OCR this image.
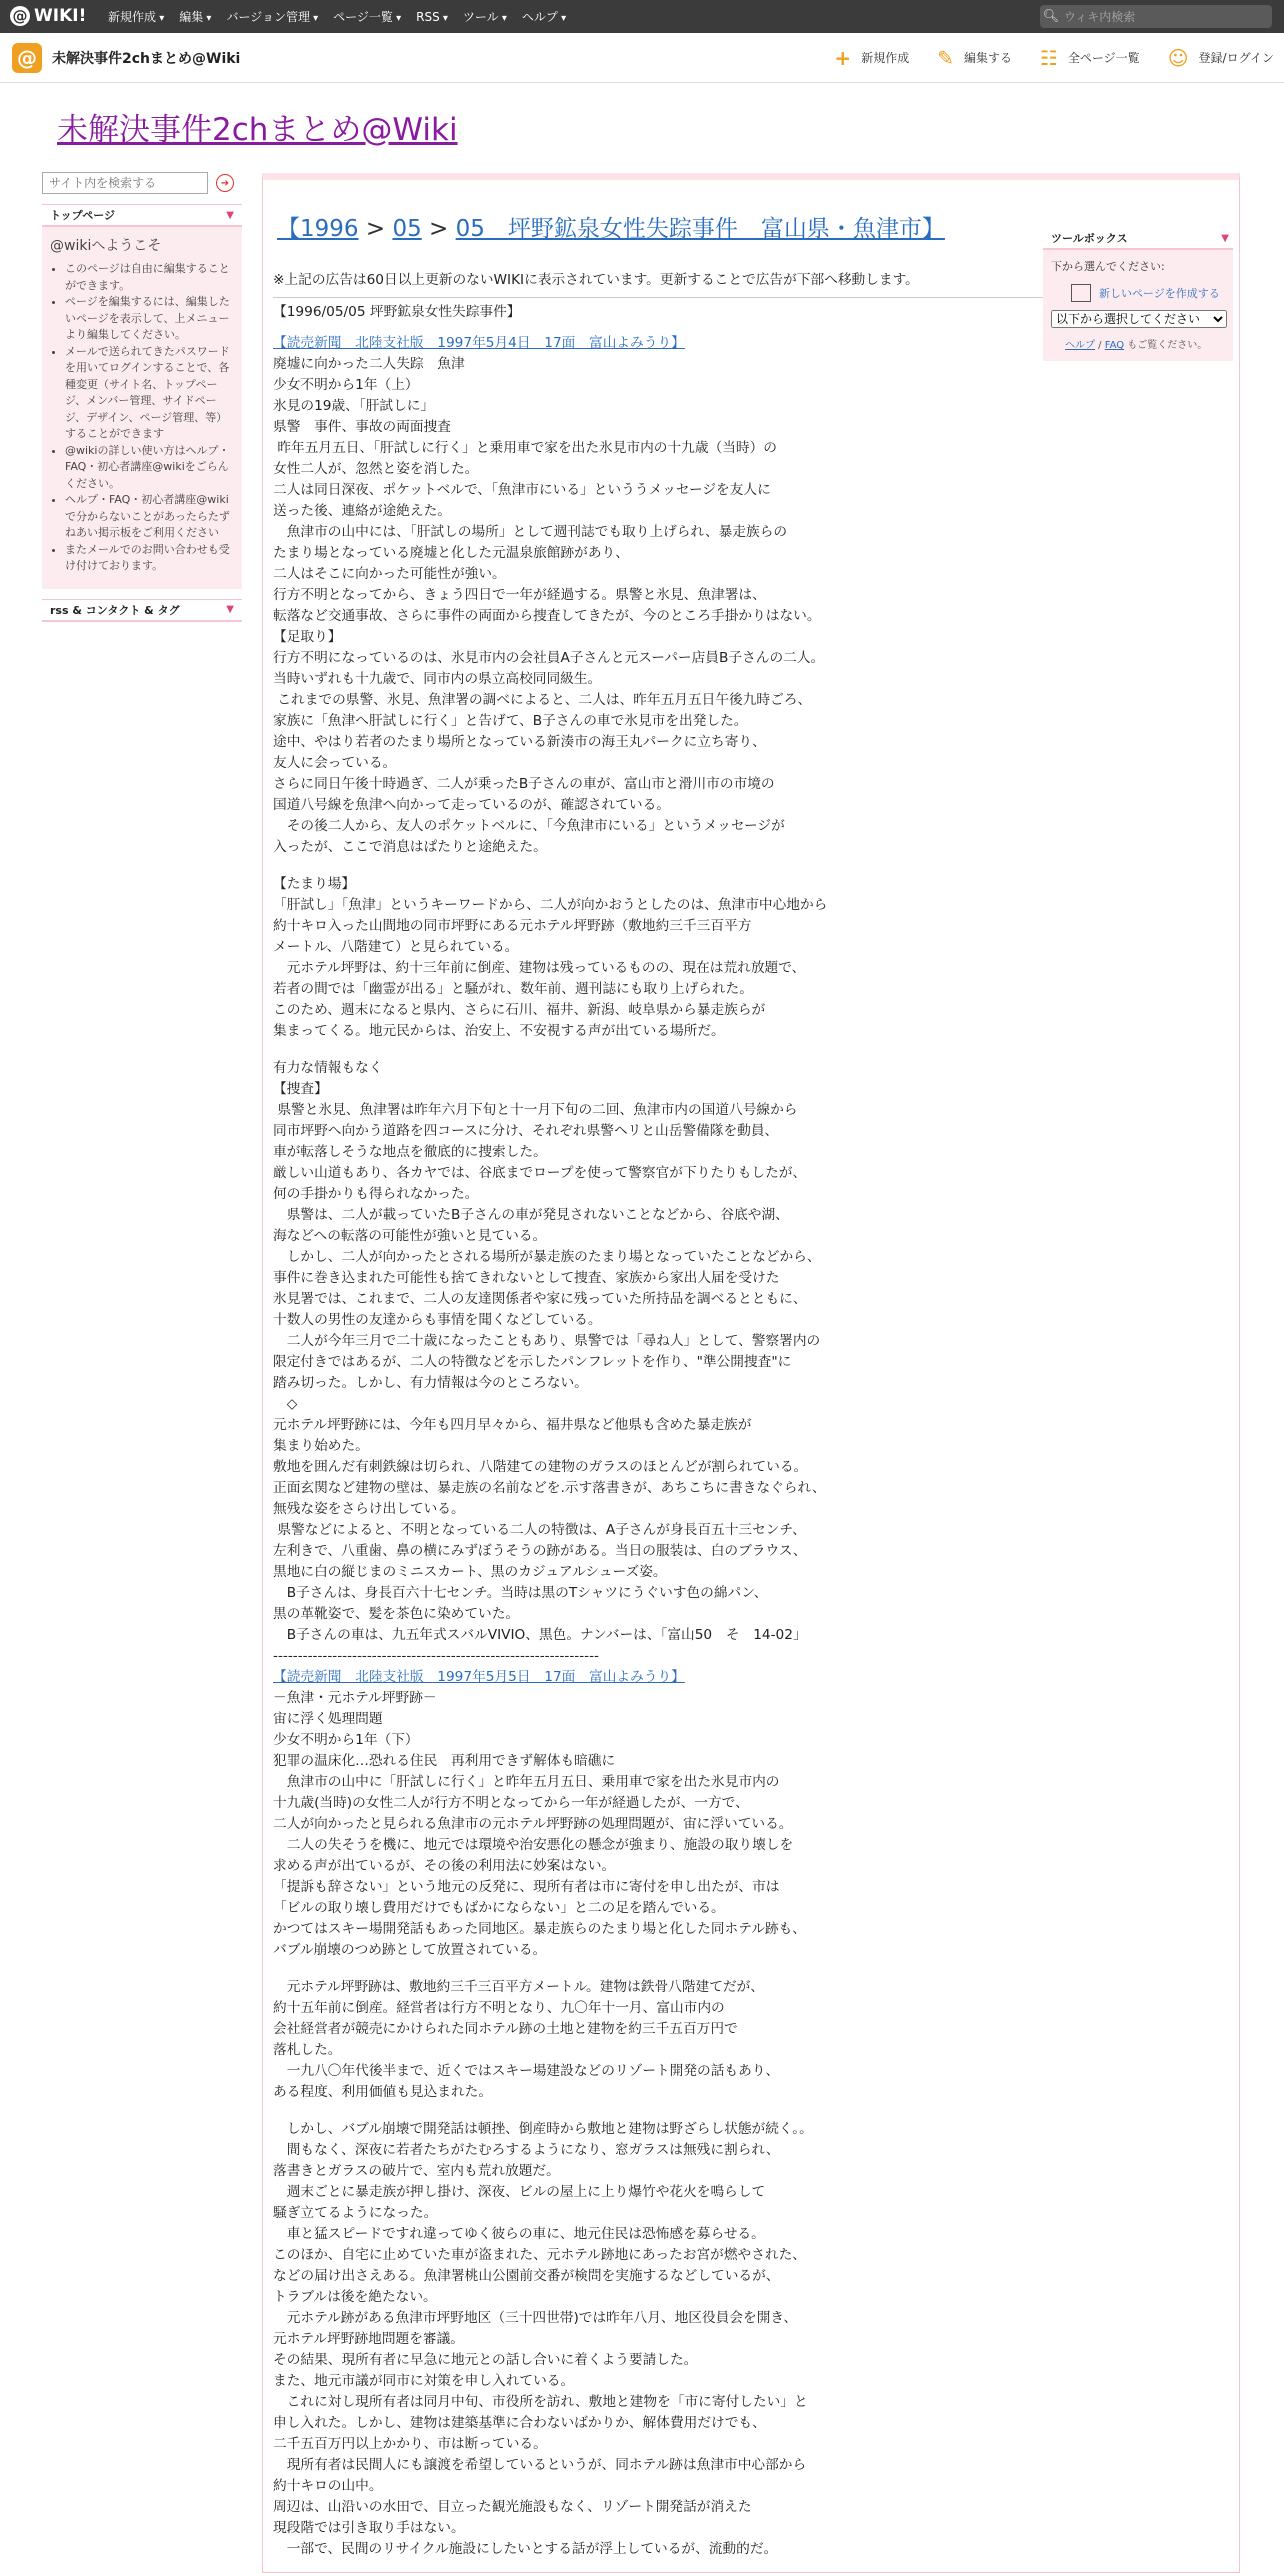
@ WIKI! 新規作成 ▾	編集 ▾	バージョン管理 ▾	ページ一覧 ▾	RSS ▾	ツール ▾	ヘルプ ▾	🔍︎
ウィキ内検索
@	未解決事件2chまとめ@Wiki	+ 新規作成 ✎ 編集する ☷ 全ページ一覧 ☺ 登録/ログイン
未解決事件2chまとめ@Wiki
サイト内を検索する
➔
トップページ	▼
@wikiへようこそ
• このページは自由に編集することができます。
• ページを編集するには、編集したいページを表示して、上メニューより編集してください。
• メールで送られてきたパスワードを用いてログインすることで、各種変更（サイト名、トップページ、メンバー管理、サイドページ、デザイン、ページ管理、等）することができます
• @wikiの詳しい使い方はヘルプ・FAQ・初心者講座@wikiをごらんください。
• ヘルプ・FAQ・初心者講座@wiki で分からないことがあったらたずねあい掲示板をご利用ください
• またメールでのお問い合わせも受け付けております。
rss & コンタクト & タグ	▼
【1996 > 05 > 05　坪野鉱泉女性失踪事件　富山県・魚津市】
※上記の広告は60日以上更新のないWIKIに表示されています。更新することで広告が下部へ移動します。
【1996/05/05 坪野鉱泉女性失踪事件】
【読売新聞　北陸支社版　1997年5月4日　17面　富山よみうり】
廃墟に向かった二人失踪　魚津
少女不明から1年（上）
氷見の19歳、「肝試しに」
県警　事件、事故の両面捜査
昨年五月五日、「肝試しに行く」と乗用車で家を出た氷見市内の十九歳（当時）の
女性二人が、忽然と姿を消した。
二人は同日深夜、ポケットベルで、「魚津市にいる」といううメッセージを友人に
送った後、連絡が途絶えた。
　魚津市の山中には、「肝試しの場所」として週刊誌でも取り上げられ、暴走族らの
たまり場となっている廃墟と化した元温泉旅館跡があり、
二人はそこに向かった可能性が強い。
行方不明となってから、きょう四日で一年が経過する。県警と氷見、魚津署は、
転落など交通事故、さらに事件の両面から捜査してきたが、今のところ手掛かりはない。
【足取り】
行方不明になっているのは、氷見市内の会社員A子さんと元スーパー店員B子さんの二人。
当時いずれも十九歳で、同市内の県立高校同同級生。
これまでの県警、氷見、魚津署の調べによると、二人は、昨年五月五日午後九時ごろ、
家族に「魚津へ肝試しに行く」と告げて、B子さんの車で氷見市を出発した。
途中、やはり若者のたまり場所となっている新湊市の海王丸パークに立ち寄り、
友人に会っている。
さらに同日午後十時過ぎ、二人が乗ったB子さんの車が、富山市と滑川市の市境の
国道八号線を魚津へ向かって走っているのが、確認されている。
　その後二人から、友人のポケットベルに、「今魚津市にいる」というメッセージが
入ったが、ここで消息はぱたりと途絶えた。
【たまり場】
「肝試し」「魚津」というキーワードから、二人が向かおうとしたのは、魚津市中心地から
約十キロ入った山間地の同市坪野にある元ホテル坪野跡（敷地約三千三百平方
メートル、八階建て）と見られている。
　元ホテル坪野は、約十三年前に倒産、建物は残っているものの、現在は荒れ放題で、
若者の間では「幽霊が出る」と騒がれ、数年前、週刊誌にも取り上げられた。
このため、週末になると県内、さらに石川、福井、新潟、岐阜県から暴走族らが
集まってくる。地元民からは、治安上、不安視する声が出ている場所だ。
有力な情報もなく
【捜査】
県警と氷見、魚津署は昨年六月下旬と十一月下旬の二回、魚津市内の国道八号線から
同市坪野へ向かう道路を四コースに分け、それぞれ県警ヘリと山岳警備隊を動員、
車が転落しそうな地点を徹底的に捜索した。
厳しい山道もあり、各カヤでは、谷底までロープを使って警察官が下りたりもしたが、
何の手掛かりも得られなかった。
　県警は、二人が載っていたB子さんの車が発見されないことなどから、谷底や湖、
海などへの転落の可能性が強いと見ている。
　しかし、二人が向かったとされる場所が暴走族のたまり場となっていたことなどから、
事件に巻き込まれた可能性も捨てきれないとして捜査、家族から家出人届を受けた
氷見署では、これまで、二人の友達関係者や家に残っていた所持品を調べるとともに、
十数人の男性の友達からも事情を聞くなどしている。
　二人が今年三月で二十歳になったこともあり、県警では「尋ね人」として、警察署内の
限定付きではあるが、二人の特徴などを示したパンフレットを作り、"準公開捜査"に
踏み切った。しかし、有力情報は今のところない。
　◇
元ホテル坪野跡には、今年も四月早々から、福井県など他県も含めた暴走族が
集まり始めた。
敷地を囲んだ有刺鉄線は切られ、八階建ての建物のガラスのほとんどが割られている。
正面玄関など建物の壁は、暴走族の名前などを.示す落書きが、あちこちに書きなぐられ、
無残な姿をさらけ出している。
県警などによると、不明となっている二人の特徴は、A子さんが身長百五十三センチ、
左利きで、八重歯、鼻の横にみずぼうそうの跡がある。当日の服装は、白のブラウス、
黒地に白の縦じまのミニスカート、黒のカジュアルシューズ姿。
　B子さんは、身長百六十七センチ。当時は黒のTシャツにうぐいす色の綿パン、
黒の革靴姿で、髪を茶色に染めていた。
　B子さんの車は、九五年式スバルVIVIO、黒色。ナンバーは、「富山50　そ　14-02」
------------------------------------------------------------------
【読売新聞　北陸支社版　1997年5月5日　17面　富山よみうり】
－魚津・元ホテル坪野跡－
宙に浮く処理問題
少女不明から1年（下）
犯罪の温床化…恐れる住民　再利用できず解体も暗礁に
　魚津市の山中に「肝試しに行く」と昨年五月五日、乗用車で家を出た氷見市内の
十九歳(当時)の女性二人が行方不明となってから一年が経過したが、一方で、
二人が向かったと見られる魚津市の元ホテル坪野跡の処理問題が、宙に浮いている。
　二人の失そうを機に、地元では環境や治安悪化の懸念が強まり、施設の取り壊しを
求める声が出ているが、その後の利用法に妙案はない。
「提訴も辞さない」という地元の反発に、現所有者は市に寄付を申し出たが、市は
「ビルの取り壊し費用だけでもばかにならない」と二の足を踏んでいる。
かつてはスキー場開発話もあった同地区。暴走族らのたまり場と化した同ホテル跡も、
バブル崩壊のつめ跡として放置されている。
　元ホテル坪野跡は、敷地約三千三百平方メートル。建物は鉄骨八階建てだが、
約十五年前に倒産。経営者は行方不明となり、九〇年十一月、富山市内の
会社経営者が競売にかけられた同ホテル跡の土地と建物を約三千五百万円で
落札した。
　一九八〇年代後半まで、近くではスキー場建設などのリゾート開発の話もあり、
ある程度、利用価値も見込まれた。
　しかし、バブル崩壊で開発話は頓挫、倒産時から敷地と建物は野ざらし状態が続く。。
　間もなく、深夜に若者たちがたむろするようになり、窓ガラスは無残に割られ、
落書きとガラスの破片で、室内も荒れ放題だ。
　週末ごとに暴走族が押し掛け、深夜、ビルの屋上に上り爆竹や花火を鳴らして
騒ぎ立てるようになった。
　車と猛スピードですれ違ってゆく彼らの車に、地元住民は恐怖感を募らせる。
このほか、自宅に止めていた車が盗まれた、元ホテル跡地にあったお宮が燃やされた、
などの届け出さえある。魚津署桃山公園前交番が検問を実施するなどしているが、
トラブルは後を絶たない。
　元ホテル跡がある魚津市坪野地区（三十四世帯)では昨年八月、地区役員会を開き、
元ホテル坪野跡地問題を審議。
その結果、現所有者に早急に地元との話し合いに着くよう要請した。
また、地元市議が同市に対策を申し入れている。
　これに対し現所有者は同月中旬、市役所を訪れ、敷地と建物を「市に寄付したい」と
申し入れた。しかし、建物は建築基準に合わないばかりか、解体費用だけでも、
二千五百万円以上かかり、市は断っている。
　現所有者は民間人にも譲渡を希望しているというが、同ホテル跡は魚津市中心部から
約十キロの山中。
周辺は、山沿いの水田で、目立った観光施設もなく、リゾート開発話が消えた
現段階では引き取り手はない。
　一部で、民間のリサイクル施設にしたいとする話が浮上しているが、流動的だ。
ツールボックス	▼
下から選んでください:
新しいページを作成する
以下から選択してください
ヘルプ / FAQ もご覧ください。
